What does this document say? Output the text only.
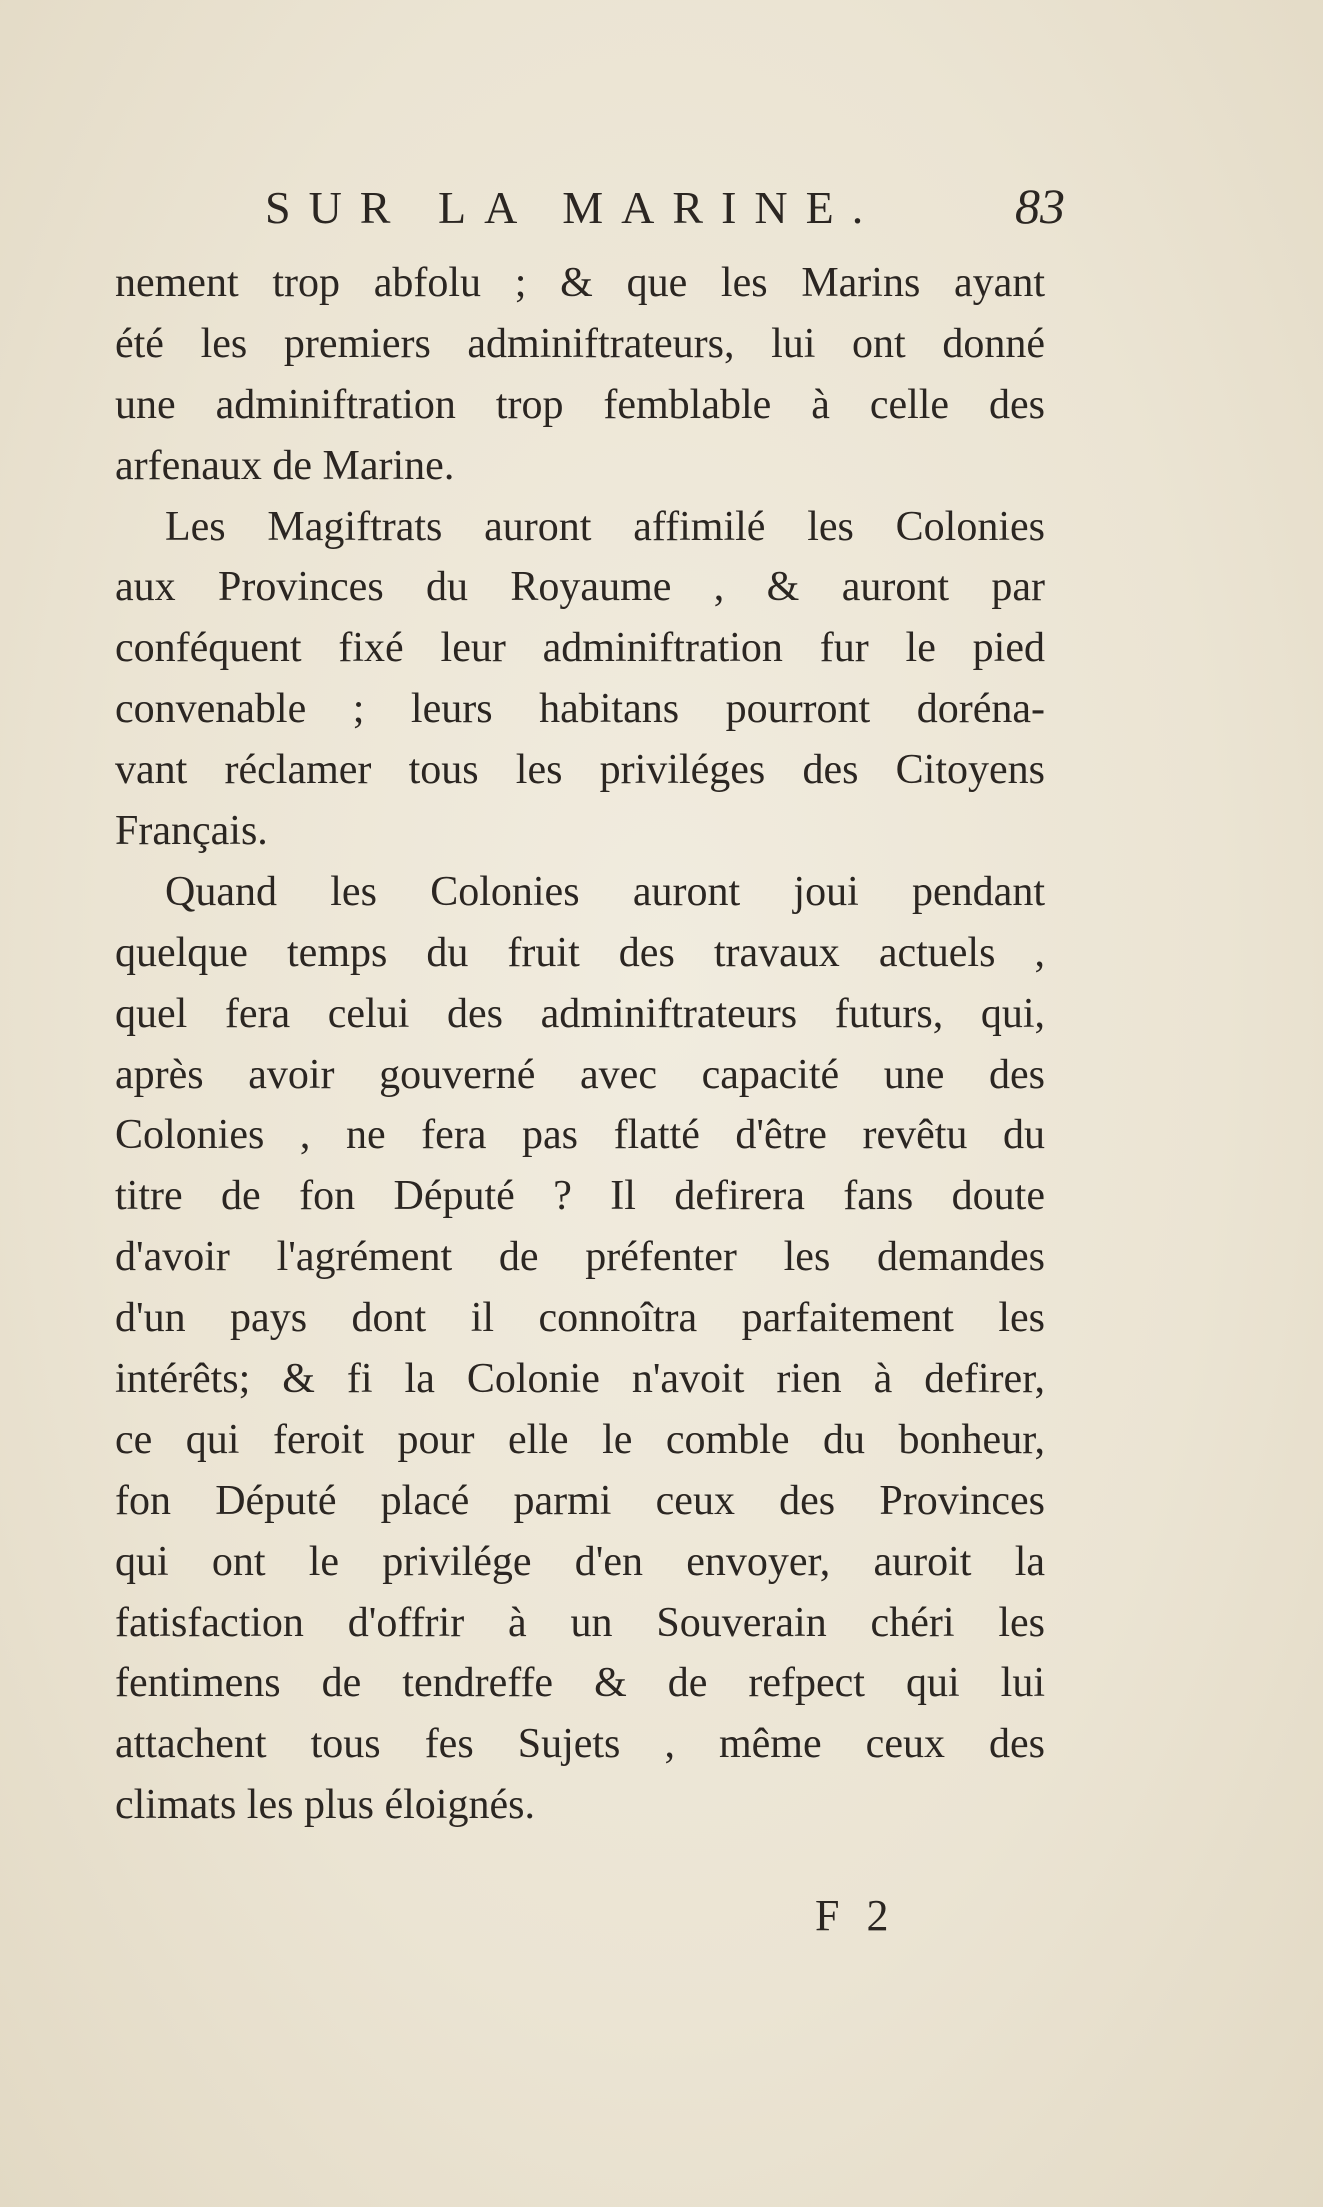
SUR LA MARINE.	83
nement trop abfolu ; & que les Marins ayant
été les premiers adminiftrateurs, lui ont donné
une adminiftration trop femblable à celle des
arfenaux de Marine.
Les Magiftrats auront affimilé les Colonies
aux Provinces du Royaume , & auront par
conféquent fixé leur adminiftration fur le pied
convenable ; leurs habitans pourront doréna-
vant réclamer tous les priviléges des Citoyens
Français.
Quand les Colonies auront joui pendant
quelque temps du fruit des travaux actuels ,
quel fera celui des adminiftrateurs futurs, qui,
après avoir gouverné avec capacité une des
Colonies , ne fera pas flatté d'être revêtu du
titre de fon Député ? Il defirera fans doute
d'avoir l'agrément de préfenter les demandes
d'un pays dont il connoîtra parfaitement les
intérêts; & fi la Colonie n'avoit rien à defirer,
ce qui feroit pour elle le comble du bonheur,
fon Député placé parmi ceux des Provinces
qui ont le privilége d'en envoyer, auroit la
fatisfaction d'offrir à un Souverain chéri les
fentimens de tendreffe & de refpect qui lui
attachent tous fes Sujets , même ceux des
climats les plus éloignés.
F 2
